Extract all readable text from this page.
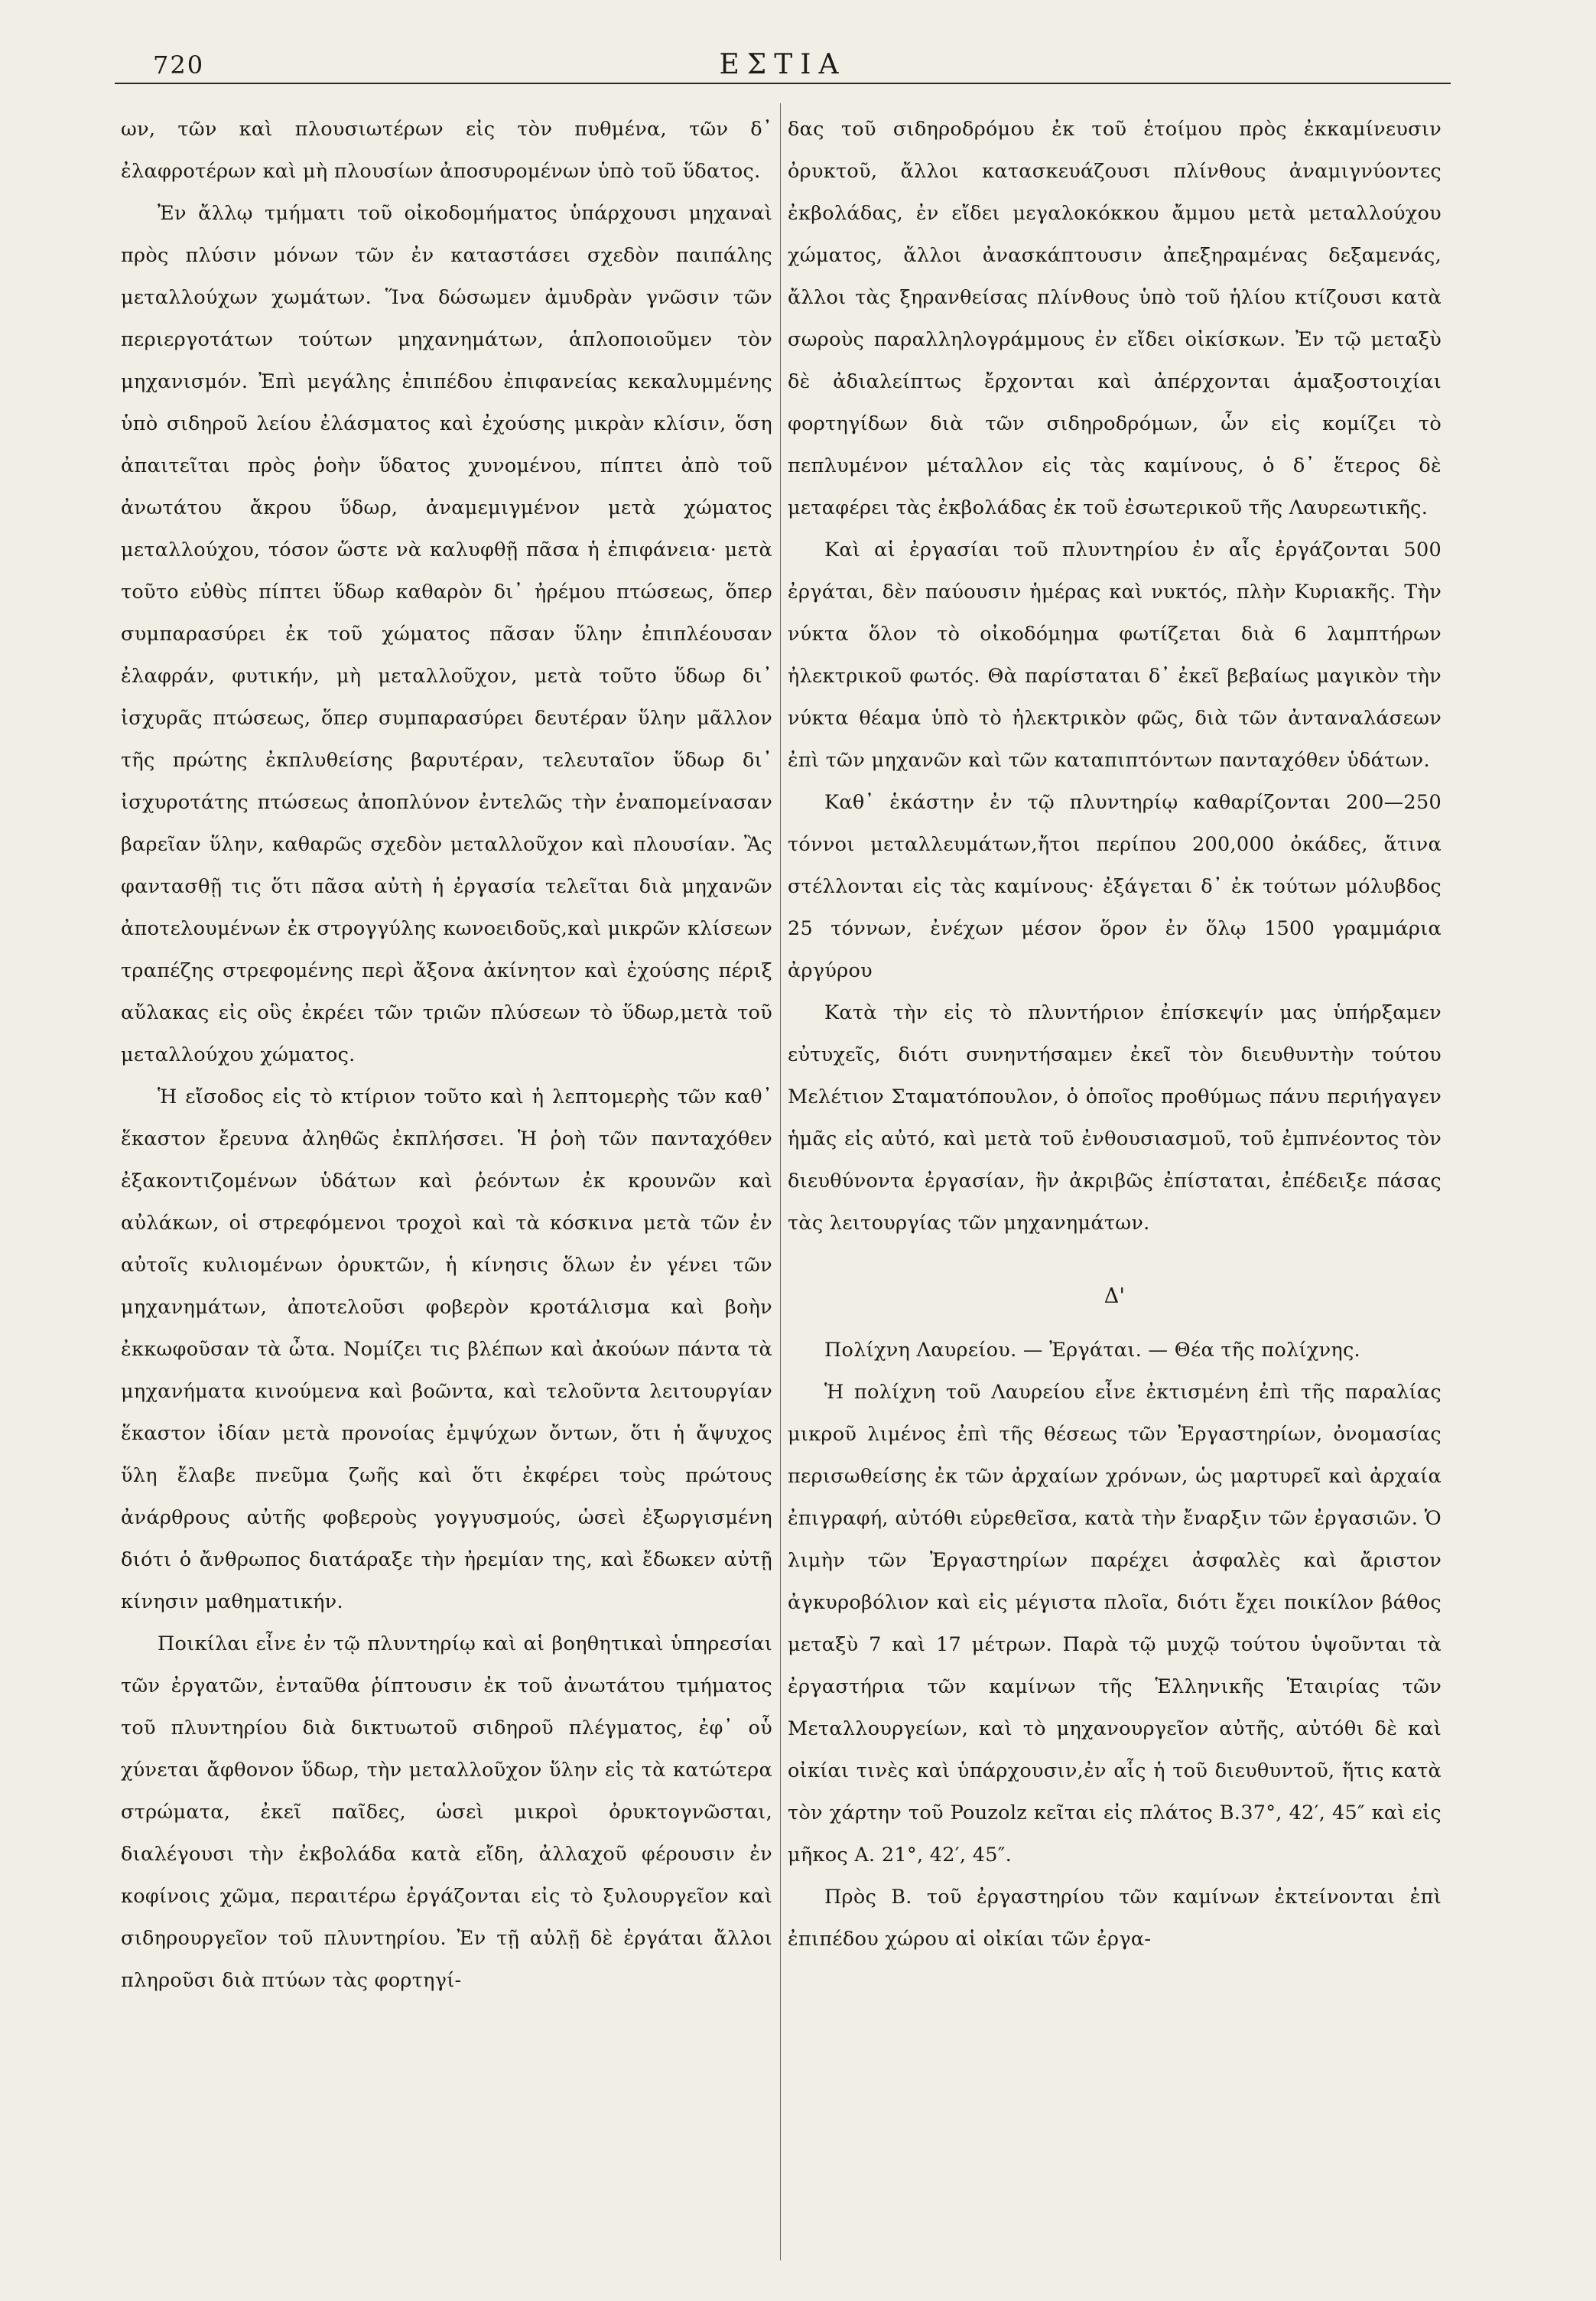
720	ΕΣΤΙΑ

ων, τῶν καὶ πλουσιωτέρων εἰς τὸν πυθμένα, τῶν δ᾽ ἐλαφροτέρων καὶ μὴ πλουσίων ἀποσυρομένων ὑπὸ τοῦ ὕδατος.

Ἐν ἄλλῳ τμήματι τοῦ οἰκοδομήματος ὑπάρχουσι μηχαναὶ πρὸς πλύσιν μόνων τῶν ἐν καταστάσει σχεδὸν παιπάλης μεταλλούχων χωμάτων. Ἵνα δώσωμεν ἀμυδρὰν γνῶσιν τῶν περιεργοτάτων τούτων μηχανημάτων, ἁπλοποιοῦμεν τὸν μηχανισμόν. Ἐπὶ μεγάλης ἐπιπέδου ἐπιφανείας κεκαλυμμένης ὑπὸ σιδηροῦ λείου ἐλάσματος καὶ ἐχούσης μικρὰν κλίσιν, ὅση ἀπαιτεῖται πρὸς ῥοὴν ὕδατος χυνομένου, πίπτει ἀπὸ τοῦ ἀνωτάτου ἄκρου ὕδωρ, ἀναμεμιγμένον μετὰ χώματος μεταλλούχου, τόσον ὥστε νὰ καλυφθῇ πᾶσα ἡ ἐπιφάνεια· μετὰ τοῦτο εὐθὺς πίπτει ὕδωρ καθαρὸν δι᾽ ἠρέμου πτώσεως, ὅπερ συμπαρασύρει ἐκ τοῦ χώματος πᾶσαν ὕλην ἐπιπλέουσαν ἐλαφράν, φυτικήν, μὴ μεταλλοῦχον, μετὰ τοῦτο ὕδωρ δι᾽ ἰσχυρᾶς πτώσεως, ὅπερ συμπαρασύρει δευτέραν ὕλην μᾶλλον τῆς πρώτης ἐκπλυθείσης βαρυτέραν, τελευταῖον ὕδωρ δι᾽ ἰσχυροτάτης πτώσεως ἀποπλύνον ἐντελῶς τὴν ἐναπομείνασαν βαρεῖαν ὕλην, καθαρῶς σχεδὸν μεταλλοῦχον καὶ πλουσίαν. Ἂς φαντασθῇ τις ὅτι πᾶσα αὐτὴ ἡ ἐργασία τελεῖται διὰ μηχανῶν ἀποτελουμένων ἐκ στρογγύλης κωνοειδοῦς,καὶ μικρῶν κλίσεων τραπέζης στρεφομένης περὶ ἄξονα ἀκίνητον καὶ ἐχούσης πέριξ αὔλακας εἰς οὓς ἐκρέει τῶν τριῶν πλύσεων τὸ ὕδωρ,μετὰ τοῦ μεταλλούχου χώματος.

Ἡ εἴσοδος εἰς τὸ κτίριον τοῦτο καὶ ἡ λεπτομερὴς τῶν καθ᾽ ἕκαστον ἔρευνα ἀληθῶς ἐκπλήσσει. Ἡ ῥοὴ τῶν πανταχόθεν ἐξακοντιζομένων ὑδάτων καὶ ῥεόντων ἐκ κρουνῶν καὶ αὐλάκων, οἱ στρεφόμενοι τροχοὶ καὶ τὰ κόσκινα μετὰ τῶν ἐν αὐτοῖς κυλιομένων ὀρυκτῶν, ἡ κίνησις ὅλων ἐν γένει τῶν μηχανημάτων, ἀποτελοῦσι φοβερὸν κροτάλισμα καὶ βοὴν ἐκκωφοῦσαν τὰ ὦτα. Νομίζει τις βλέπων καὶ ἀκούων πάντα τὰ μηχανήματα κινούμενα καὶ βοῶντα, καὶ τελοῦντα λειτουργίαν ἕκαστον ἰδίαν μετὰ προνοίας ἐμψύχων ὄντων, ὅτι ἡ ἄψυχος ὕλη ἔλαβε πνεῦμα ζωῆς καὶ ὅτι ἐκφέρει τοὺς πρώτους ἀνάρθρους αὐτῆς φοβεροὺς γογγυσμούς, ὡσεὶ ἐξωργισμένη διότι ὁ ἄνθρωπος διατάραξε τὴν ἠρεμίαν της, καὶ ἔδωκεν αὐτῇ κίνησιν μαθηματικήν.

Ποικίλαι εἶνε ἐν τῷ πλυντηρίῳ καὶ αἱ βοηθητικαὶ ὑπηρεσίαι τῶν ἐργατῶν, ἐνταῦθα ῥίπτουσιν ἐκ τοῦ ἀνωτάτου τμήματος τοῦ πλυντηρίου διὰ δικτυωτοῦ σιδηροῦ πλέγματος, ἐφ᾽ οὗ χύνεται ἄφθονον ὕδωρ, τὴν μεταλλοῦχον ὕλην εἰς τὰ κατώτερα στρώματα, ἐκεῖ παῖδες, ὡσεὶ μικροὶ ὀρυκτογνῶσται, διαλέγουσι τὴν ἐκβολάδα κατὰ εἴδη, ἀλλαχοῦ φέρουσιν ἐν κοφίνοις χῶμα, περαιτέρω ἐργάζονται εἰς τὸ ξυλουργεῖον καὶ σιδηρουργεῖον τοῦ πλυντηρίου. Ἐν τῇ αὐλῇ δὲ ἐργάται ἄλλοι πληροῦσι διὰ πτύων τὰς φορτηγί-

δας τοῦ σιδηροδρόμου ἐκ τοῦ ἑτοίμου πρὸς ἐκκαμίνευσιν ὀρυκτοῦ, ἄλλοι κατασκευάζουσι πλίνθους ἀναμιγνύοντες ἐκβολάδας, ἐν εἴδει μεγαλοκόκκου ἄμμου μετὰ μεταλλούχου χώματος, ἄλλοι ἀνασκάπτουσιν ἀπεξηραμένας δεξαμενάς, ἄλλοι τὰς ξηρανθείσας πλίνθους ὑπὸ τοῦ ἡλίου κτίζουσι κατὰ σωροὺς παραλληλογράμμους ἐν εἴδει οἰκίσκων. Ἐν τῷ μεταξὺ δὲ ἀδιαλείπτως ἔρχονται καὶ ἀπέρχονται ἁμαξοστοιχίαι φορτηγίδων διὰ τῶν σιδηροδρόμων, ὧν εἰς κομίζει τὸ πεπλυμένον μέταλλον εἰς τὰς καμίνους, ὁ δ᾽ ἕτερος δὲ μεταφέρει τὰς ἐκβολάδας ἐκ τοῦ ἐσωτερικοῦ τῆς Λαυρεωτικῆς.

Καὶ αἱ ἐργασίαι τοῦ πλυντηρίου ἐν αἷς ἐργάζονται 500 ἐργάται, δὲν παύουσιν ἡμέρας καὶ νυκτός, πλὴν Κυριακῆς. Τὴν νύκτα ὅλον τὸ οἰκοδόμημα φωτίζεται διὰ 6 λαμπτήρων ἠλεκτρικοῦ φωτός. Θὰ παρίσταται δ᾽ ἐκεῖ βεβαίως μαγικὸν τὴν νύκτα θέαμα ὑπὸ τὸ ἠλεκτρικὸν φῶς, διὰ τῶν ἀνταναλάσεων ἐπὶ τῶν μηχανῶν καὶ τῶν καταπιπτόντων πανταχόθεν ὑδάτων.

Καθ᾽ ἑκάστην ἐν τῷ πλυντηρίῳ καθαρίζονται 200—250 τόννοι μεταλλευμάτων,ἤτοι περίπου 200,000 ὀκάδες, ἅτινα στέλλονται εἰς τὰς καμίνους· ἐξάγεται δ᾽ ἐκ τούτων μόλυβδος 25 τόννων, ἐνέχων μέσον ὅρον ἐν ὅλῳ 1500 γραμμάρια ἀργύρου

Κατὰ τὴν εἰς τὸ πλυντήριον ἐπίσκεψίν μας ὑπήρξαμεν εὐτυχεῖς, διότι συνηντήσαμεν ἐκεῖ τὸν διευθυντὴν τούτου Μελέτιον Σταματόπουλον, ὁ ὁποῖος προθύμως πάνυ περιήγαγεν ἡμᾶς εἰς αὐτό, καὶ μετὰ τοῦ ἐνθουσιασμοῦ, τοῦ ἐμπνέοντος τὸν διευθύνοντα ἐργασίαν, ἣν ἀκριβῶς ἐπίσταται, ἐπέδειξε πάσας τὰς λειτουργίας τῶν μηχανημάτων.

Δ'

Πολίχνη Λαυρείου. — Ἐργάται. — Θέα τῆς πολίχνης.

Ἡ πολίχνη τοῦ Λαυρείου εἶνε ἐκτισμένη ἐπὶ τῆς παραλίας μικροῦ λιμένος ἐπὶ τῆς θέσεως τῶν Ἐργαστηρίων, ὀνομασίας περισωθείσης ἐκ τῶν ἀρχαίων χρόνων, ὡς μαρτυρεῖ καὶ ἀρχαία ἐπιγραφή, αὐτόθι εὑρεθεῖσα, κατὰ τὴν ἔναρξιν τῶν ἐργασιῶν. Ὁ λιμὴν τῶν Ἐργαστηρίων παρέχει ἀσφαλὲς καὶ ἄριστον ἀγκυροβόλιον καὶ εἰς μέγιστα πλοῖα, διότι ἔχει ποικίλον βάθος μεταξὺ 7 καὶ 17 μέτρων. Παρὰ τῷ μυχῷ τούτου ὑψοῦνται τὰ ἐργαστήρια τῶν καμίνων τῆς Ἑλληνικῆς Ἑταιρίας τῶν Μεταλλουργείων, καὶ τὸ μηχανουργεῖον αὐτῆς, αὐτόθι δὲ καὶ οἰκίαι τινὲς καὶ ὑπάρχουσιν,ἐν αἷς ἡ τοῦ διευθυντοῦ, ἥτις κατὰ τὸν χάρτην τοῦ Pouzolz κεῖται εἰς πλάτος Β.37°, 42′, 45″ καὶ εἰς μῆκος Α. 21°, 42′, 45″.

Πρὸς Β. τοῦ ἐργαστηρίου τῶν καμίνων ἐκτείνονται ἐπὶ ἐπιπέδου χώρου αἱ οἰκίαι τῶν ἐργα-
